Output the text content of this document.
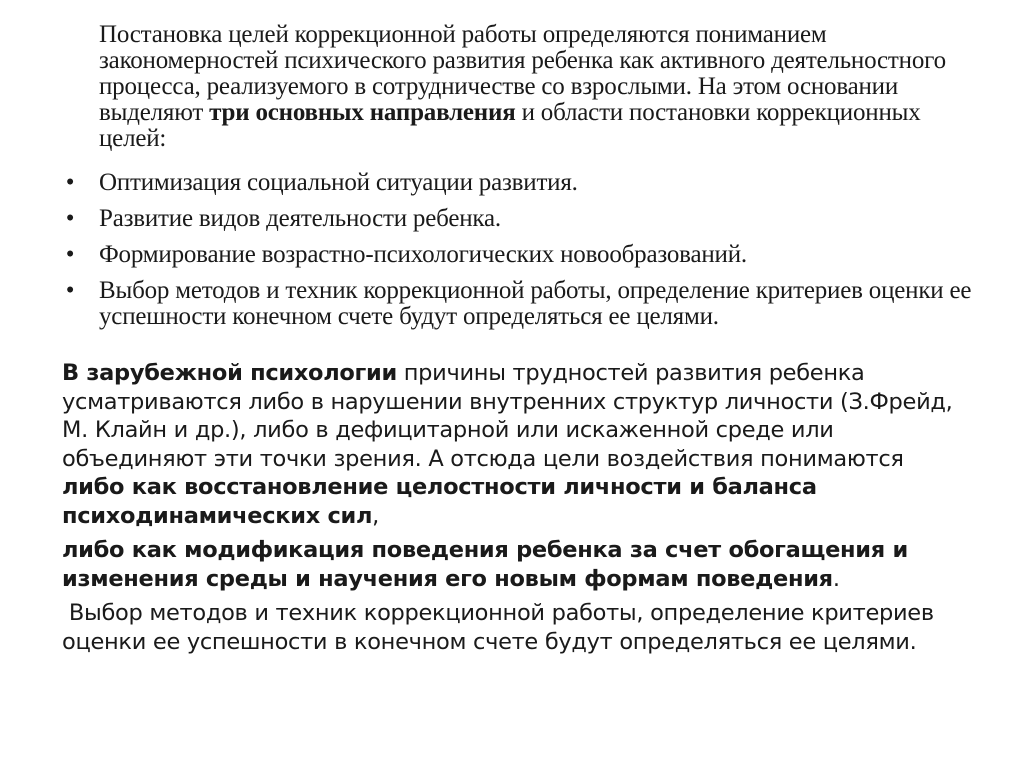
Постановка целей коррекционной работы определяются пониманием закономерностей психического развития ребенка как активного деятельностного процесса, реализуемого в сотрудничестве со взрослыми. На этом основании выделяют три основных направления и области постановки коррекционных целей:
• Оптимизация социальной ситуации развития.
• Развитие видов деятельности ребенка.
• Формирование возрастно-психологических новообразований.
• Выбор методов и техник коррекционной работы, определение критериев оценки ее успешности конечном счете будут определяться ее целями.

В зарубежной психологии причины трудностей развития ребенка усматриваются либо в нарушении внутренних структур личности (З.Фрейд, М. Клайн и др.), либо в дефицитарной или искаженной среде или объединяют эти точки зрения. А отсюда цели воздействия понимаются либо как восстановление целостности личности и баланса психодинамических сил,

либо как модификация поведения ребенка за счет обогащения и изменения среды и научения его новым формам поведения.

Выбор методов и техник коррекционной работы, определение критериев оценки ее успешности в конечном счете будут определяться ее целями.
